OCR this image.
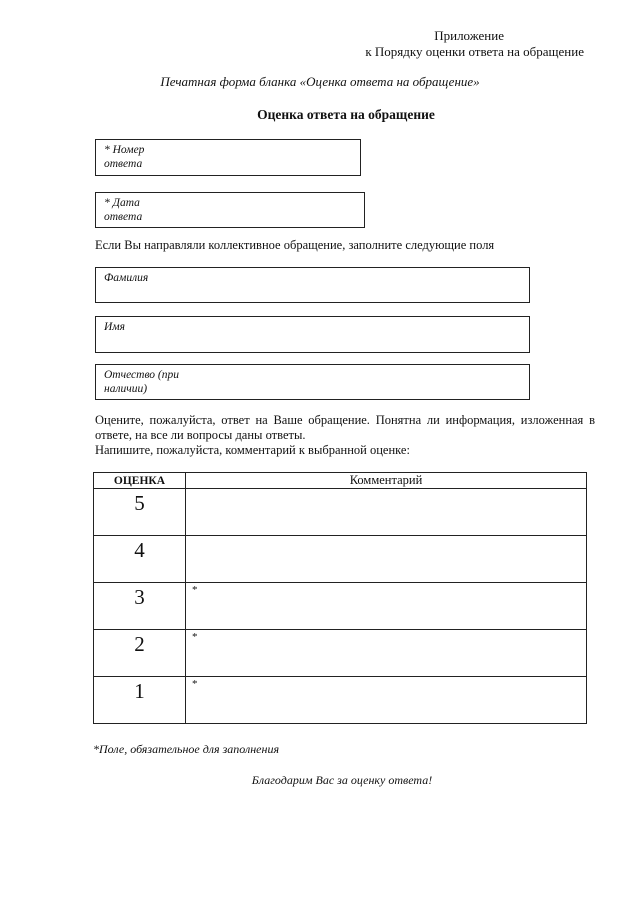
Приложение
к Порядку оценки ответа на обращение
Печатная форма бланка «Оценка ответа на обращение»
Оценка ответа на обращение
* Номер ответа
* Дата ответа
Если Вы направляли коллективное обращение, заполните следующие поля
Фамилия
Имя
Отчество (при наличии)
Оцените, пожалуйста, ответ на Ваше обращение. Понятна ли информация, изложенная в ответе, на все ли вопросы даны ответы.
Напишите, пожалуйста, комментарий к выбранной оценке:
ОЦЕНКА	Комментарий
5	
4	
3	*
2	*
1	*
*Поле, обязательное для заполнения
Благодарим Вас за оценку ответа!
